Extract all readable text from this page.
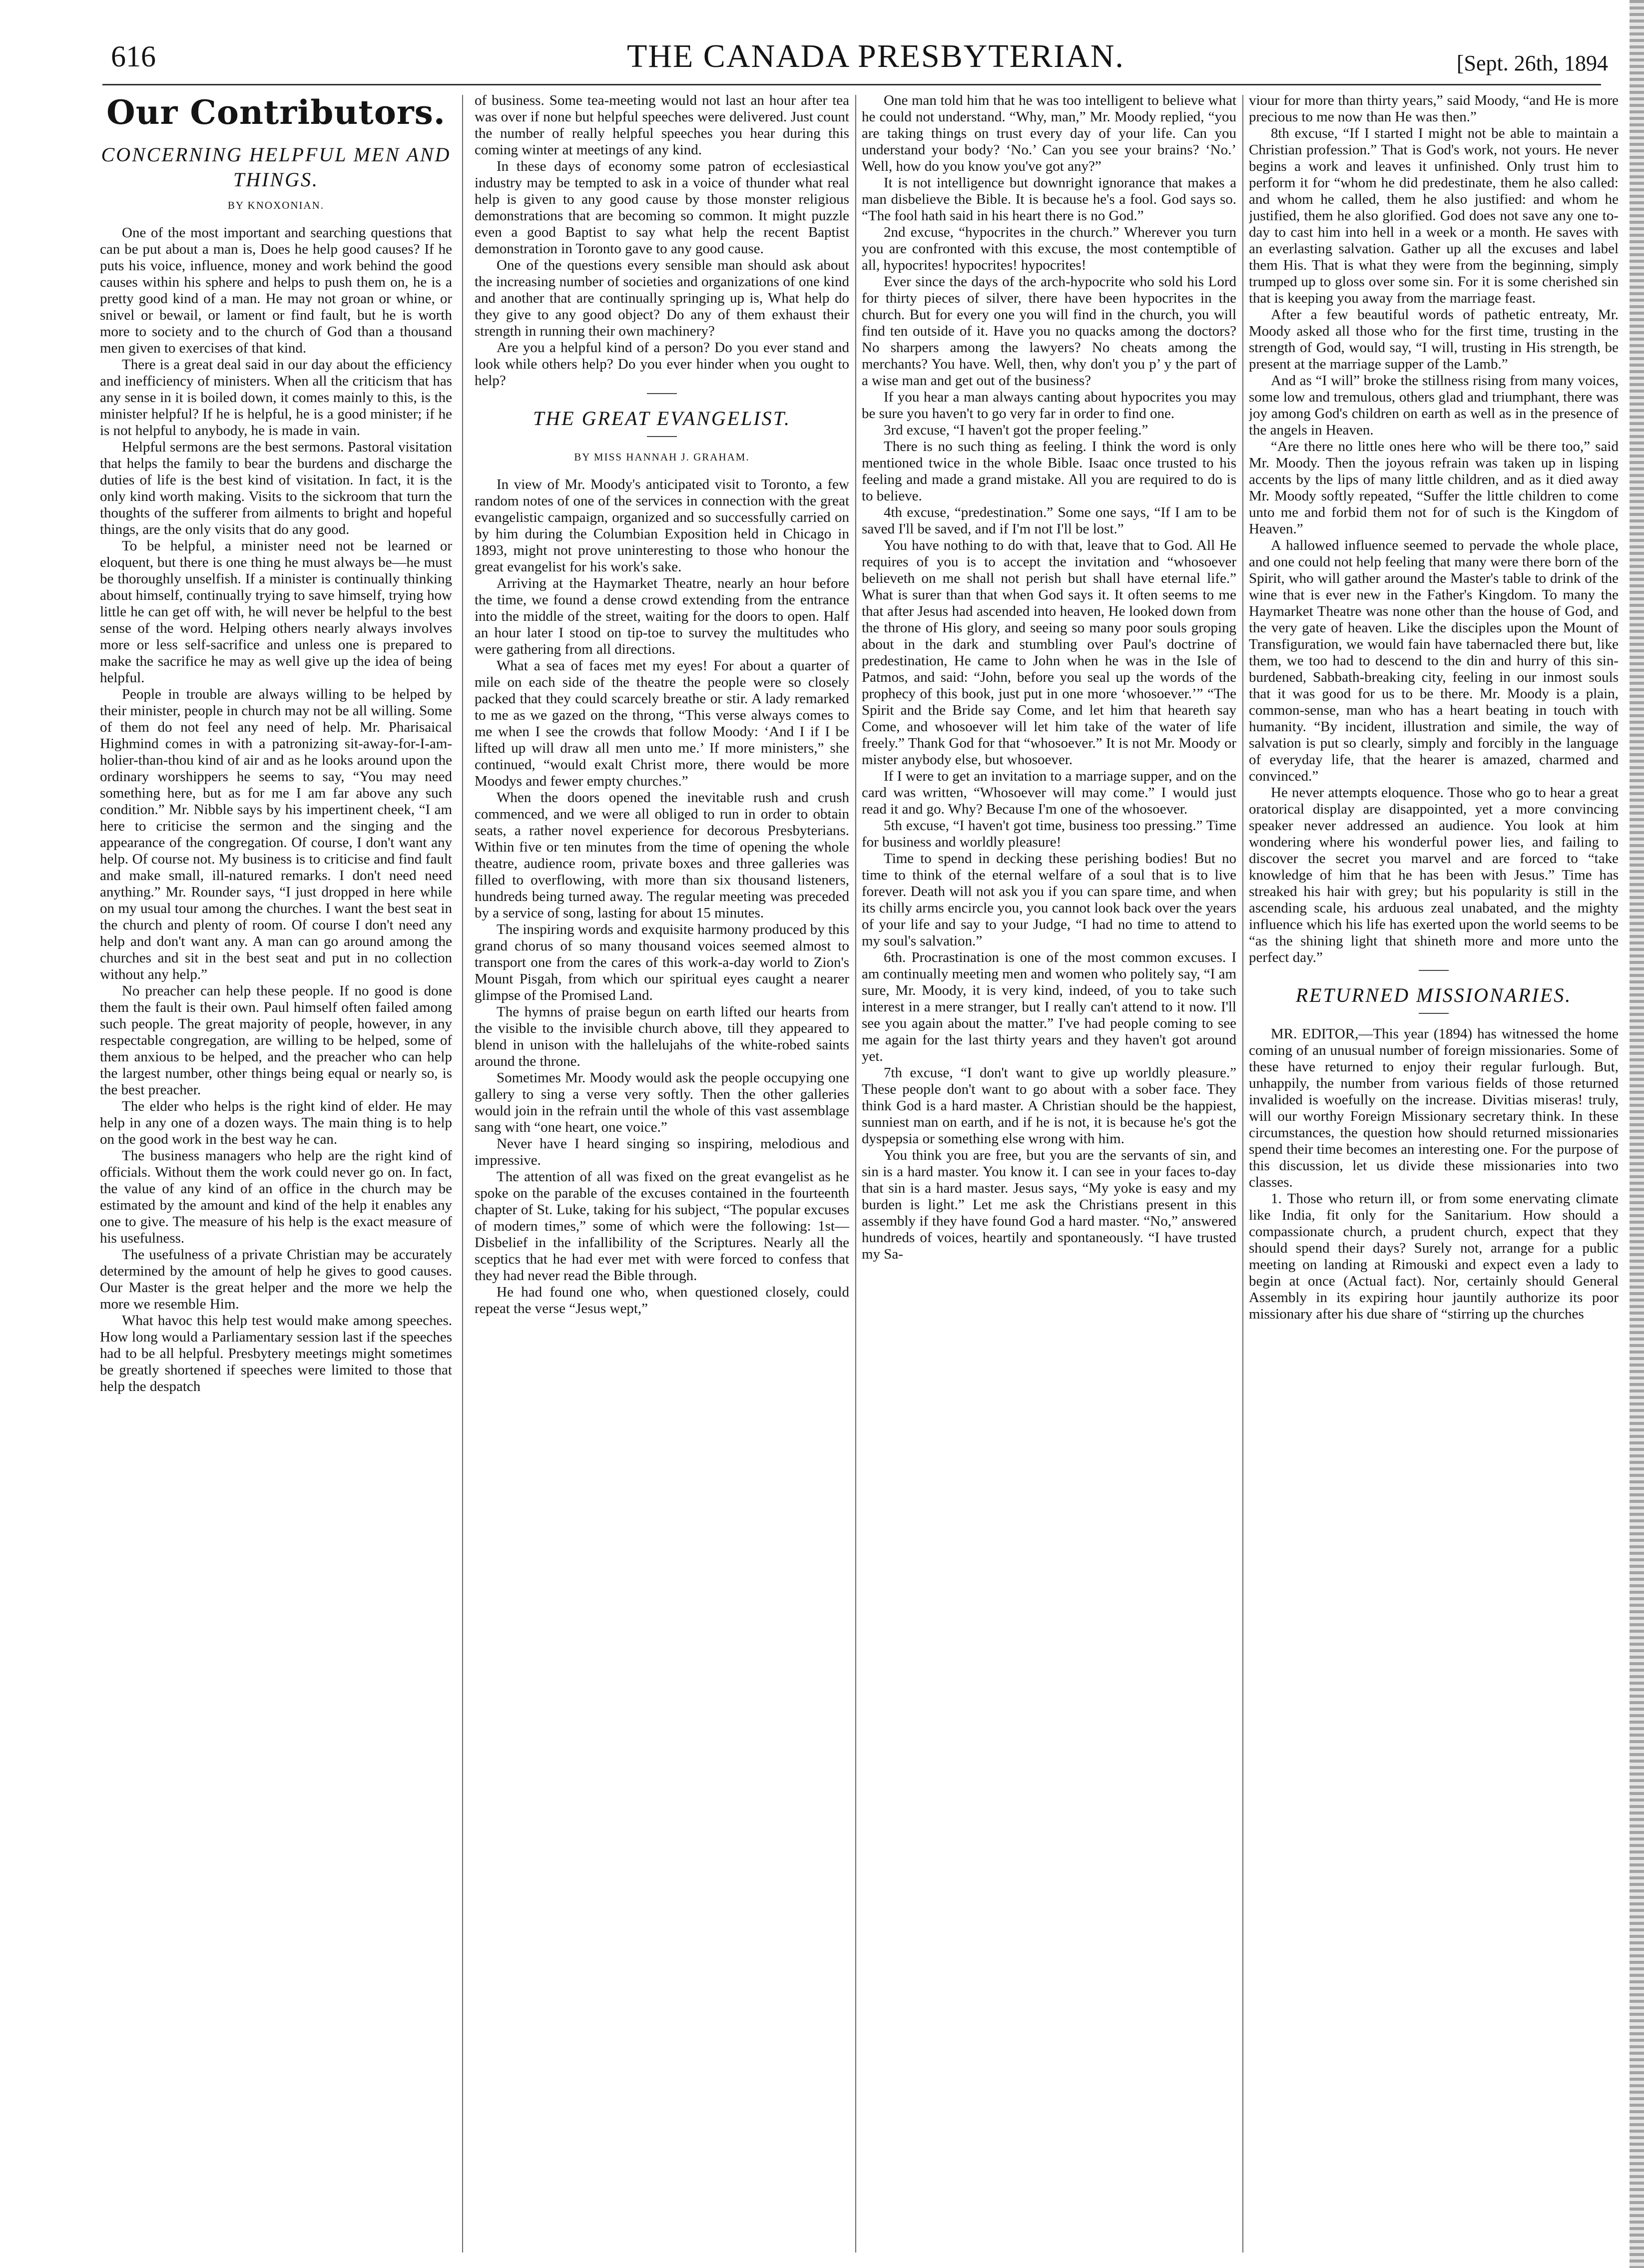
616	THE CANADA PRESBYTERIAN.	[Sept. 26th, 1894
Our Contributors.
CONCERNING HELPFUL MEN AND THINGS.
BY KNOXONIAN.

One of the most important and searching questions that can be put about a man is, Does he help good causes? If he puts his voice, influence, money and work behind the good causes within his sphere and helps to push them on, he is a pretty good kind of a man. He may not groan or whine, or snivel or bewail, or lament or find fault, but he is worth more to society and to the church of God than a thousand men given to exercises of that kind.

There is a great deal said in our day about the efficiency and inefficiency of ministers. When all the criticism that has any sense in it is boiled down, it comes mainly to this, is the minister helpful? If he is helpful, he is a good minister; if he is not helpful to anybody, he is made in vain.

Helpful sermons are the best sermons. Pastoral visitation that helps the family to bear the burdens and discharge the duties of life is the best kind of visitation. In fact, it is the only kind worth making. Visits to the sickroom that turn the thoughts of the sufferer from ailments to bright and hopeful things, are the only visits that do any good.

To be helpful, a minister need not be learned or eloquent, but there is one thing he must always be—he must be thoroughly unselfish. If a minister is continually thinking about himself, continually trying to save himself, trying how little he can get off with, he will never be helpful to the best sense of the word. Helping others nearly always involves more or less self-sacrifice and unless one is prepared to make the sacrifice he may as well give up the idea of being helpful.

People in trouble are always willing to be helped by their minister, people in church may not be all willing. Some of them do not feel any need of help. Mr. Pharisaical Highmind comes in with a patronizing sit-away-for-I-am-holier-than-thou kind of air and as he looks around upon the ordinary worshippers he seems to say, “You may need something here, but as for me I am far above any such condition.” Mr. Nibble says by his impertinent cheek, “I am here to criticise the sermon and the singing and the appearance of the congregation. Of course, I don't want any help. Of course not. My business is to criticise and find fault and make small, ill-natured remarks. I don't need need anything.” Mr. Rounder says, “I just dropped in here while on my usual tour among the churches. I want the best seat in the church and plenty of room. Of course I don't need any help and don't want any. A man can go around among the churches and sit in the best seat and put in no collection without any help.”

No preacher can help these people. If no good is done them the fault is their own. Paul himself often failed among such people. The great majority of people, however, in any respectable congregation, are willing to be helped, some of them anxious to be helped, and the preacher who can help the largest number, other things being equal or nearly so, is the best preacher.

The elder who helps is the right kind of elder. He may help in any one of a dozen ways. The main thing is to help on the good work in the best way he can.

The business managers who help are the right kind of officials. Without them the work could never go on. In fact, the value of any kind of an office in the church may be estimated by the amount and kind of the help it enables any one to give. The measure of his help is the exact measure of his usefulness.

The usefulness of a private Christian may be accurately determined by the amount of help he gives to good causes. Our Master is the great helper and the more we help the more we resemble Him.

What havoc this help test would make among speeches. How long would a Parliamentary session last if the speeches had to be all helpful. Presbytery meetings might sometimes be greatly shortened if speeches were limited to those that help the despatch

of business. Some tea-meeting would not last an hour after tea was over if none but helpful speeches were delivered. Just count the number of really helpful speeches you hear during this coming winter at meetings of any kind.

In these days of economy some patron of ecclesiastical industry may be tempted to ask in a voice of thunder what real help is given to any good cause by those monster religious demonstrations that are becoming so common. It might puzzle even a good Baptist to say what help the recent Baptist demonstration in Toronto gave to any good cause.

One of the questions every sensible man should ask about the increasing number of societies and organizations of one kind and another that are continually springing up is, What help do they give to any good object? Do any of them exhaust their strength in running their own machinery?

Are you a helpful kind of a person? Do you ever stand and look while others help? Do you ever hinder when you ought to help?

THE GREAT EVANGELIST.
BY MISS HANNAH J. GRAHAM.

In view of Mr. Moody's anticipated visit to Toronto, a few random notes of one of the services in connection with the great evangelistic campaign, organized and so successfully carried on by him during the Columbian Exposition held in Chicago in 1893, might not prove uninteresting to those who honour the great evangelist for his work's sake.

Arriving at the Haymarket Theatre, nearly an hour before the time, we found a dense crowd extending from the entrance into the middle of the street, waiting for the doors to open. Half an hour later I stood on tip-toe to survey the multitudes who were gathering from all directions.

What a sea of faces met my eyes! For about a quarter of mile on each side of the theatre the people were so closely packed that they could scarcely breathe or stir. A lady remarked to me as we gazed on the throng, “This verse always comes to me when I see the crowds that follow Moody: ‘And I if I be lifted up will draw all men unto me.’ If more ministers,” she continued, “would exalt Christ more, there would be more Moodys and fewer empty churches.”

When the doors opened the inevitable rush and crush commenced, and we were all obliged to run in order to obtain seats, a rather novel experience for decorous Presbyterians. Within five or ten minutes from the time of opening the whole theatre, audience room, private boxes and three galleries was filled to overflowing, with more than six thousand listeners, hundreds being turned away. The regular meeting was preceded by a service of song, lasting for about 15 minutes.

The inspiring words and exquisite harmony produced by this grand chorus of so many thousand voices seemed almost to transport one from the cares of this work-a-day world to Zion's Mount Pisgah, from which our spiritual eyes caught a nearer glimpse of the Promised Land.

The hymns of praise begun on earth lifted our hearts from the visible to the invisible church above, till they appeared to blend in unison with the hallelujahs of the white-robed saints around the throne.

Sometimes Mr. Moody would ask the people occupying one gallery to sing a verse very softly. Then the other galleries would join in the refrain until the whole of this vast assemblage sang with “one heart, one voice.”

Never have I heard singing so inspiring, melodious and impressive.

The attention of all was fixed on the great evangelist as he spoke on the parable of the excuses contained in the fourteenth chapter of St. Luke, taking for his subject, “The popular excuses of modern times,” some of which were the following: 1st—Disbelief in the infallibility of the Scriptures. Nearly all the sceptics that he had ever met with were forced to confess that they had never read the Bible through.

He had found one who, when questioned closely, could repeat the verse “Jesus wept,”

One man told him that he was too intelligent to believe what he could not understand. “Why, man,” Mr. Moody replied, “you are taking things on trust every day of your life. Can you understand your body? ‘No.’ Can you see your brains? ‘No.’ Well, how do you know you've got any?”

It is not intelligence but downright ignorance that makes a man disbelieve the Bible. It is because he's a fool. God says so. “The fool hath said in his heart there is no God.”

2nd excuse, “hypocrites in the church.” Wherever you turn you are confronted with this excuse, the most contemptible of all, hypocrites! hypocrites! hypocrites!

Ever since the days of the arch-hypocrite who sold his Lord for thirty pieces of silver, there have been hypocrites in the church. But for every one you will find in the church, you will find ten outside of it. Have you no quacks among the doctors? No sharpers among the lawyers? No cheats among the merchants? You have. Well, then, why don't you p’ y the part of a wise man and get out of the business?

If you hear a man always canting about hypocrites you may be sure you haven't to go very far in order to find one.

3rd excuse, “I haven't got the proper feeling.”

There is no such thing as feeling. I think the word is only mentioned twice in the whole Bible. Isaac once trusted to his feeling and made a grand mistake. All you are required to do is to believe.

4th excuse, “predestination.” Some one says, “If I am to be saved I'll be saved, and if I'm not I'll be lost.”

You have nothing to do with that, leave that to God. All He requires of you is to accept the invitation and “whosoever believeth on me shall not perish but shall have eternal life.” What is surer than that when God says it. It often seems to me that after Jesus had ascended into heaven, He looked down from the throne of His glory, and seeing so many poor souls groping about in the dark and stumbling over Paul's doctrine of predestination, He came to John when he was in the Isle of Patmos, and said: “John, before you seal up the words of the prophecy of this book, just put in one more ‘whosoever.’” “The Spirit and the Bride say Come, and let him that heareth say Come, and whosoever will let him take of the water of life freely.” Thank God for that “whosoever.” It is not Mr. Moody or mister anybody else, but whosoever.

If I were to get an invitation to a marriage supper, and on the card was written, “Whosoever will may come.” I would just read it and go. Why? Because I'm one of the whosoever.

5th excuse, “I haven't got time, business too pressing.” Time for business and worldly pleasure!

Time to spend in decking these perishing bodies! But no time to think of the eternal welfare of a soul that is to live forever. Death will not ask you if you can spare time, and when its chilly arms encircle you, you cannot look back over the years of your life and say to your Judge, “I had no time to attend to my soul's salvation.”

6th. Procrastination is one of the most common excuses. I am continually meeting men and women who politely say, “I am sure, Mr. Moody, it is very kind, indeed, of you to take such interest in a mere stranger, but I really can't attend to it now. I'll see you again about the matter.” I've had people coming to see me again for the last thirty years and they haven't got around yet.

7th excuse, “I don't want to give up worldly pleasure.” These people don't want to go about with a sober face. They think God is a hard master. A Christian should be the happiest, sunniest man on earth, and if he is not, it is because he's got the dyspepsia or something else wrong with him.

You think you are free, but you are the servants of sin, and sin is a hard master. You know it. I can see in your faces to-day that sin is a hard master. Jesus says, “My yoke is easy and my burden is light.” Let me ask the Christians present in this assembly if they have found God a hard master. “No,” answered hundreds of voices, heartily and spontaneously. “I have trusted my Sa-

viour for more than thirty years,” said Moody, “and He is more precious to me now than He was then.”

8th excuse, “If I started I might not be able to maintain a Christian profession.” That is God's work, not yours. He never begins a work and leaves it unfinished. Only trust him to perform it for “whom he did predestinate, them he also called: and whom he called, them he also justified: and whom he justified, them he also glorified. God does not save any one to-day to cast him into hell in a week or a month. He saves with an everlasting salvation. Gather up all the excuses and label them His. That is what they were from the beginning, simply trumped up to gloss over some sin. For it is some cherished sin that is keeping you away from the marriage feast.

After a few beautiful words of pathetic entreaty, Mr. Moody asked all those who for the first time, trusting in the strength of God, would say, “I will, trusting in His strength, be present at the marriage supper of the Lamb.”

And as “I will” broke the stillness rising from many voices, some low and tremulous, others glad and triumphant, there was joy among God's children on earth as well as in the presence of the angels in Heaven.

“Are there no little ones here who will be there too,” said Mr. Moody. Then the joyous refrain was taken up in lisping accents by the lips of many little children, and as it died away Mr. Moody softly repeated, “Suffer the little children to come unto me and forbid them not for of such is the Kingdom of Heaven.”

A hallowed influence seemed to pervade the whole place, and one could not help feeling that many were there born of the Spirit, who will gather around the Master's table to drink of the wine that is ever new in the Father's Kingdom. To many the Haymarket Theatre was none other than the house of God, and the very gate of heaven. Like the disciples upon the Mount of Transfiguration, we would fain have tabernacled there but, like them, we too had to descend to the din and hurry of this sin-burdened, Sabbath-breaking city, feeling in our inmost souls that it was good for us to be there. Mr. Moody is a plain, common-sense, man who has a heart beating in touch with humanity. “By incident, illustration and simile, the way of salvation is put so clearly, simply and forcibly in the language of everyday life, that the hearer is amazed, charmed and convinced.”

He never attempts eloquence. Those who go to hear a great oratorical display are disappointed, yet a more convincing speaker never addressed an audience. You look at him wondering where his wonderful power lies, and failing to discover the secret you marvel and are forced to “take knowledge of him that he has been with Jesus.” Time has streaked his hair with grey; but his popularity is still in the ascending scale, his arduous zeal unabated, and the mighty influence which his life has exerted upon the world seems to be “as the shining light that shineth more and more unto the perfect day.”

RETURNED MISSIONARIES.

MR. EDITOR,—This year (1894) has witnessed the home coming of an unusual number of foreign missionaries. Some of these have returned to enjoy their regular furlough. But, unhappily, the number from various fields of those returned invalided is woefully on the increase. Divitias miseras! truly, will our worthy Foreign Missionary secretary think. In these circumstances, the question how should returned missionaries spend their time becomes an interesting one. For the purpose of this discussion, let us divide these missionaries into two classes.

1. Those who return ill, or from some enervating climate like India, fit only for the Sanitarium. How should a compassionate church, a prudent church, expect that they should spend their days? Surely not, arrange for a public meeting on landing at Rimouski and expect even a lady to begin at once (Actual fact). Nor, certainly should General Assembly in its expiring hour jauntily authorize its poor missionary after his due share of “stirring up the churches
